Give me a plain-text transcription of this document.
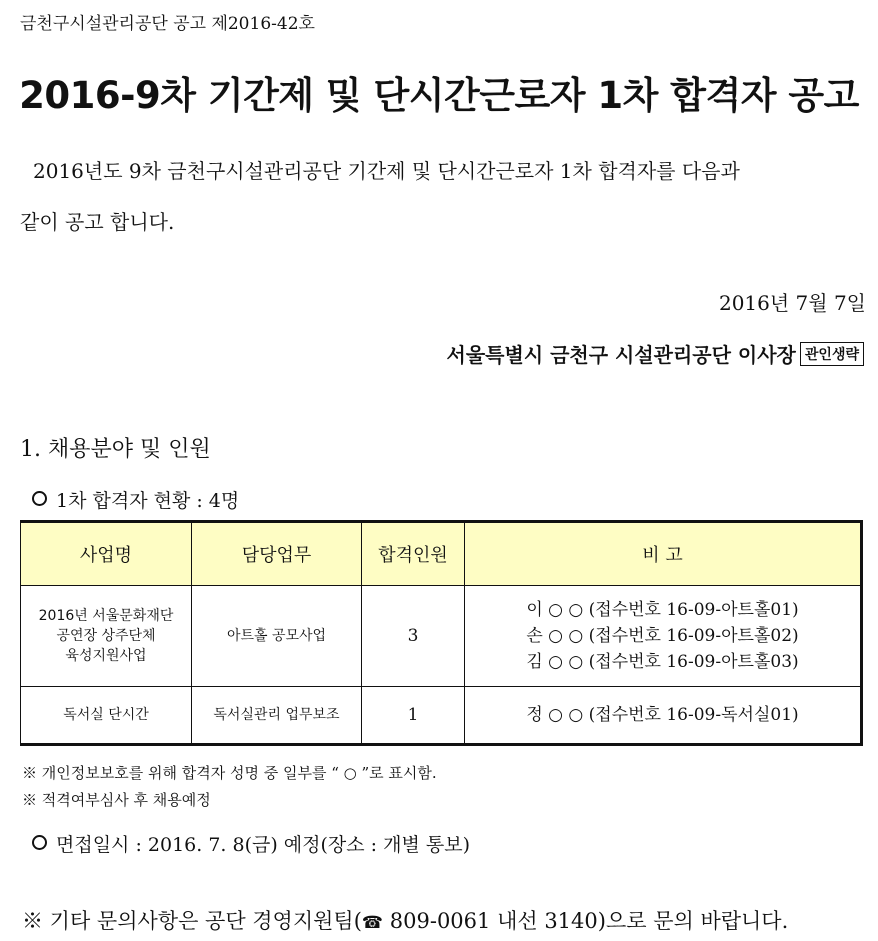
금천구시설관리공단 공고 제2016-42호
2016-9차 기간제 및 단시간근로자 1차 합격자 공고
2016년도 9차 금천구시설관리공단 기간제 및 단시간근로자 1차 합격자를 다음과
같이 공고 합니다.
2016년 7월 7일
서울특별시 금천구 시설관리공단 이사장 관인생략
1. 채용분야 및 인원
1차 합격자 현황 : 4명
사업명	담당업무	합격인원	비 고

2016년 서울문화재단
공연장 상주단체
육성지원사업	아트홀 공모사업	3	이 ○ ○ (접수번호 16-09-아트홀01)
손 ○ ○ (접수번호 16-09-아트홀02)
김 ○ ○ (접수번호 16-09-아트홀03)

독서실 단시간	독서실관리 업무보조	1	정 ○ ○ (접수번호 16-09-독서실01)
※ 개인정보보호를 위해 합격자 성명 중 일부를 “ ○ ”로 표시함.
※ 적격여부심사 후 채용예정
면접일시 : 2016. 7. 8(금) 예정(장소 : 개별 통보)
※ 기타 문의사항은 공단 경영지원팀(☎ 809-0061 내선 3140)으로 문의 바랍니다.
